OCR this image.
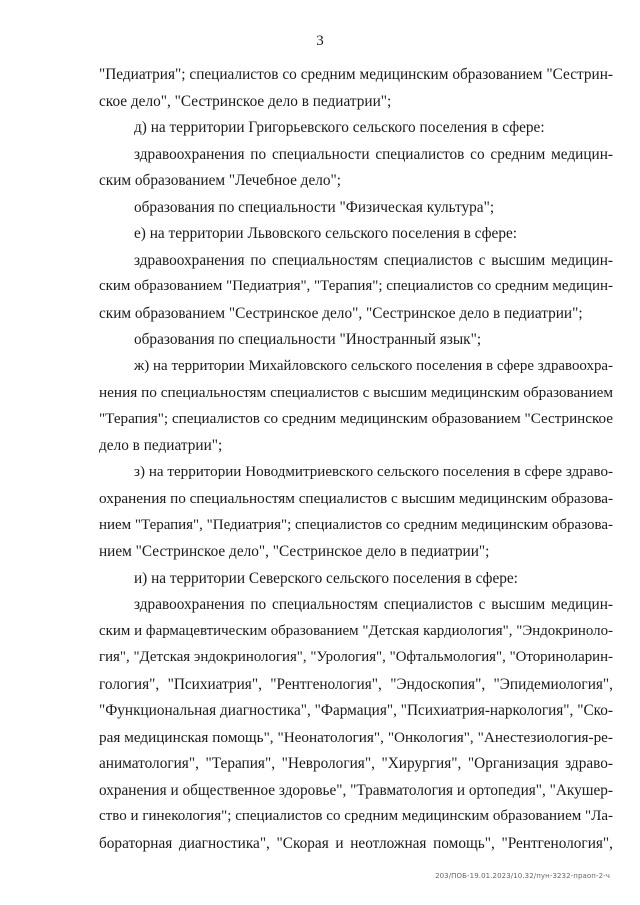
3
"Педиатрия"; специалистов со средним медицинским образованием "Сестрин-
ское дело", "Сестринское дело в педиатрии";
д) на территории Григорьевского сельского поселения в сфере:
здравоохранения по специальности специалистов со средним медицин-
ским образованием "Лечебное дело";
образования по специальности "Физическая культура";
е) на территории Львовского сельского поселения в сфере:
здравоохранения по специальностям специалистов с высшим медицин-
ским образованием "Педиатрия", "Терапия"; специалистов со средним медицин-
ским образованием "Сестринское дело", "Сестринское дело в педиатрии";
образования по специальности "Иностранный язык";
ж) на территории Михайловского сельского поселения в сфере здравоохра-
нения по специальностям специалистов с высшим медицинским образованием
"Терапия"; специалистов со средним медицинским образованием "Сестринское
дело в педиатрии";
з) на территории Новодмитриевского сельского поселения в сфере здраво-
охранения по специальностям специалистов с высшим медицинским образова-
нием "Терапия", "Педиатрия"; специалистов со средним медицинским образова-
нием "Сестринское дело", "Сестринское дело в педиатрии";
и) на территории Северского сельского поселения в сфере:
здравоохранения по специальностям специалистов с высшим медицин-
ским и фармацевтическим образованием "Детская кардиология", "Эндокриноло-
гия", "Детская эндокринология", "Урология", "Офтальмология", "Оториноларин-
гология", "Психиатрия", "Рентгенология", "Эндоскопия", "Эпидемиология",
"Функциональная диагностика", "Фармация", "Психиатрия-наркология", "Ско-
рая медицинская помощь", "Неонатология", "Онкология", "Анестезиология-ре-
аниматология", "Терапия", "Неврология", "Хирургия", "Организация здраво-
охранения и общественное здоровье", "Травматология и ортопедия", "Акушер-
ство и гинекология"; специалистов со средним медицинским образованием "Ла-
бораторная диагностика", "Скорая и неотложная помощь", "Рентгенология",
203/ПОБ-19.01.2023/10.32/пун-3232-праоп-2-ч
